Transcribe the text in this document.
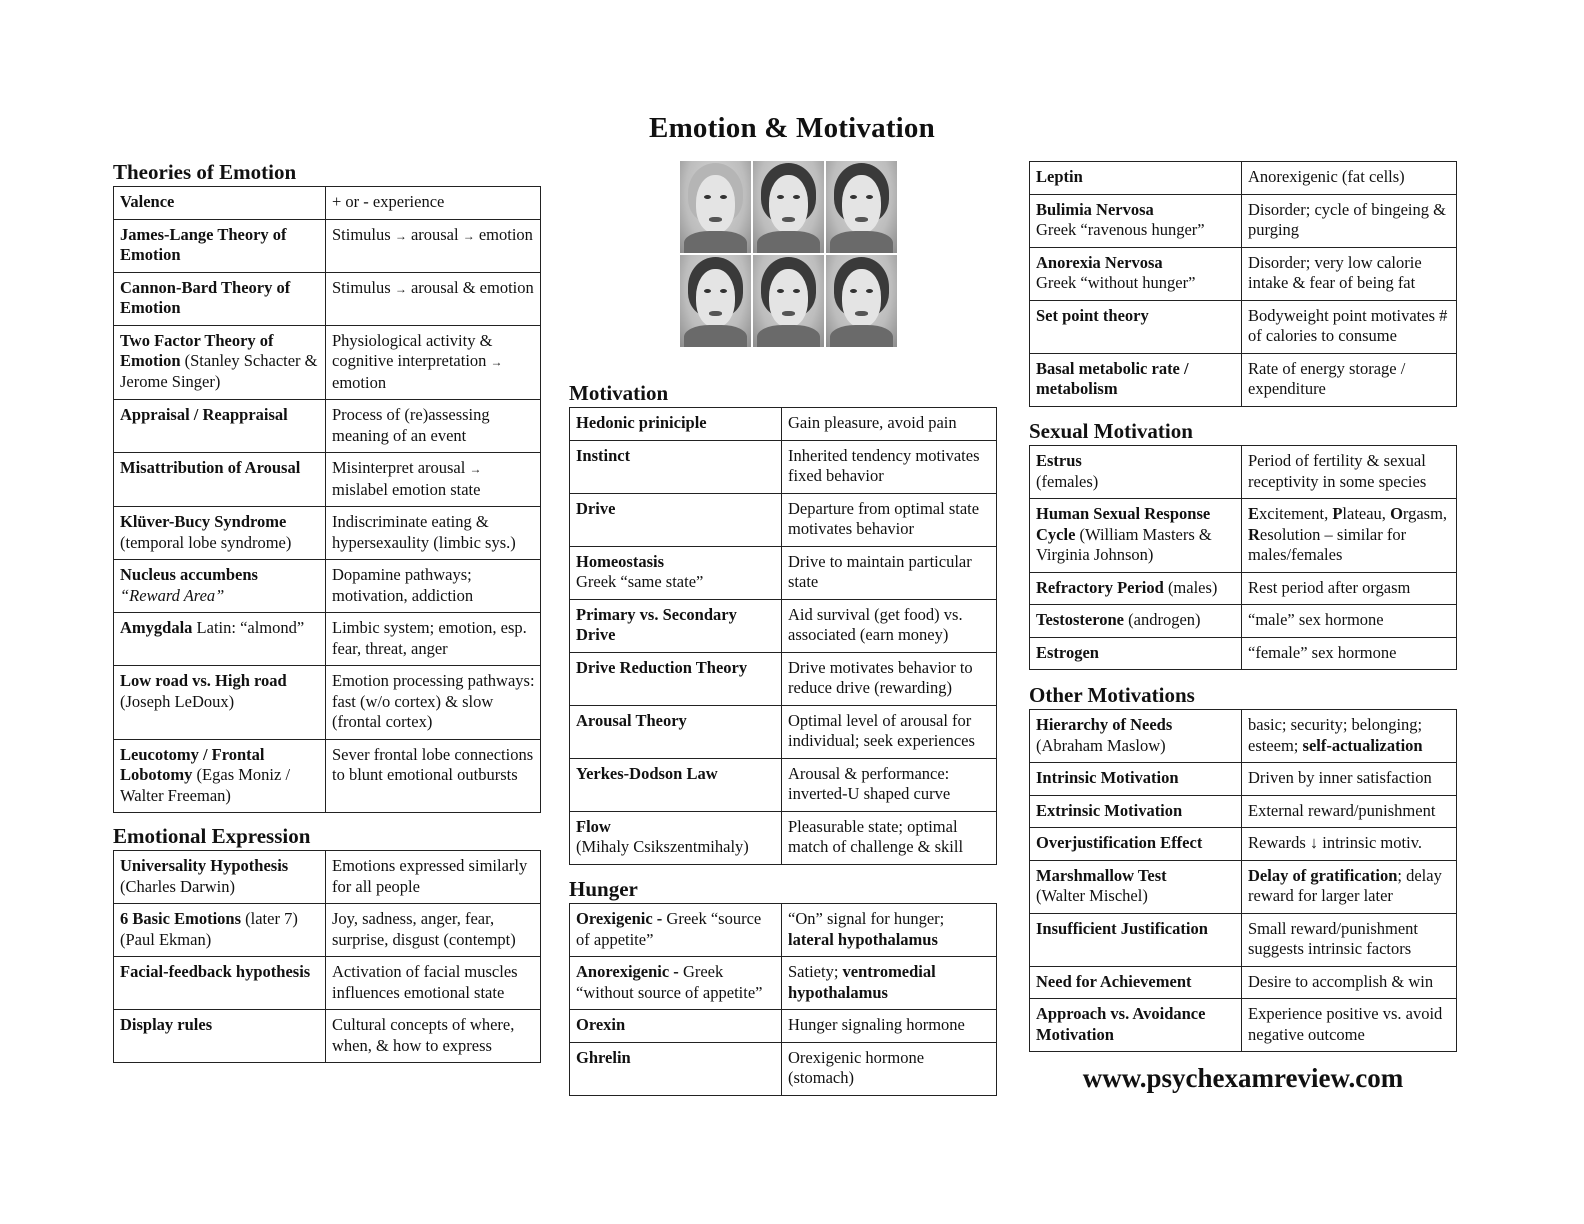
Emotion & Motivation
Theories of Emotion
Valence	+ or - experience
James-Lange Theory of Emotion	Stimulus → arousal → emotion
Cannon-Bard Theory of Emotion	Stimulus → arousal & emotion
Two Factor Theory of Emotion (Stanley Schacter & Jerome Singer)	Physiological activity & cognitive interpretation → emotion
Appraisal / Reappraisal	Process of (re)assessing meaning of an event
Misattribution of Arousal	Misinterpret arousal → mislabel emotion state

Klüver-Bucy Syndrome
(temporal lobe syndrome)	Indiscriminate eating & hypersexaulity (limbic sys.)

Nucleus accumbens
“Reward Area”	Dopamine pathways; motivation, addiction
Amygdala Latin: “almond”	Limbic system; emotion, esp. fear, threat, anger

Low road vs. High road
(Joseph LeDoux)	Emotion processing pathways: fast (w/o cortex) & slow (frontal cortex)
Leucotomy / Frontal Lobotomy (Egas Moniz / Walter Freeman)	Sever frontal lobe connections to blunt emotional outbursts
Emotional Expression
Universality Hypothesis
(Charles Darwin)	Emotions expressed similarly for all people
6 Basic Emotions (later 7) (Paul Ekman)	Joy, sadness, anger, fear, surprise, disgust (contempt)
Facial-feedback hypothesis	Activation of facial muscles influences emotional state
Display rules	Cultural concepts of where, when, & how to express
Motivation
Hedonic priniciple	Gain pleasure, avoid pain
Instinct	Inherited tendency motivates fixed behavior
Drive	Departure from optimal state motivates behavior

Homeostasis
Greek “same state”	Drive to maintain particular state
Primary vs. Secondary Drive	Aid survival (get food) vs. associated (earn money)
Drive Reduction Theory	Drive motivates behavior to reduce drive (rewarding)
Arousal Theory	Optimal level of arousal for individual; seek experiences
Yerkes-Dodson Law	Arousal & performance: inverted-U shaped curve

Flow
(Mihaly Csikszentmihaly)	Pleasurable state; optimal match of challenge & skill
Hunger
Orexigenic - Greek “source of appetite”	“On” signal for hunger; lateral hypothalamus
Anorexigenic - Greek “without source of appetite”	Satiety; ventromedial hypothalamus
Orexin	Hunger signaling hormone
Ghrelin	Orexigenic hormone (stomach)
Leptin	Anorexigenic (fat cells)

Bulimia Nervosa
Greek “ravenous hunger”	Disorder; cycle of bingeing & purging

Anorexia Nervosa
Greek “without hunger”	Disorder; very low calorie intake & fear of being fat
Set point theory	Bodyweight point motivates # of calories to consume
Basal metabolic rate / metabolism	Rate of energy storage / expenditure
Sexual Motivation
Estrus
(females)	Period of fertility & sexual receptivity in some species
Human Sexual Response Cycle (William Masters & Virginia Johnson)	Excitement, Plateau, Orgasm, Resolution – similar for males/females
Refractory Period (males)	Rest period after orgasm
Testosterone (androgen)	“male” sex hormone
Estrogen	“female” sex hormone
Other Motivations
Hierarchy of Needs
(Abraham Maslow)	basic; security; belonging; esteem; self-actualization
Intrinsic Motivation	Driven by inner satisfaction
Extrinsic Motivation	External reward/punishment
Overjustification Effect	Rewards ↓ intrinsic motiv.

Marshmallow Test
(Walter Mischel)	Delay of gratification; delay reward for larger later
Insufficient Justification	Small reward/punishment suggests intrinsic factors
Need for Achievement	Desire to accomplish & win
Approach vs. Avoidance Motivation	Experience positive vs. avoid negative outcome
www.psychexamreview.com
